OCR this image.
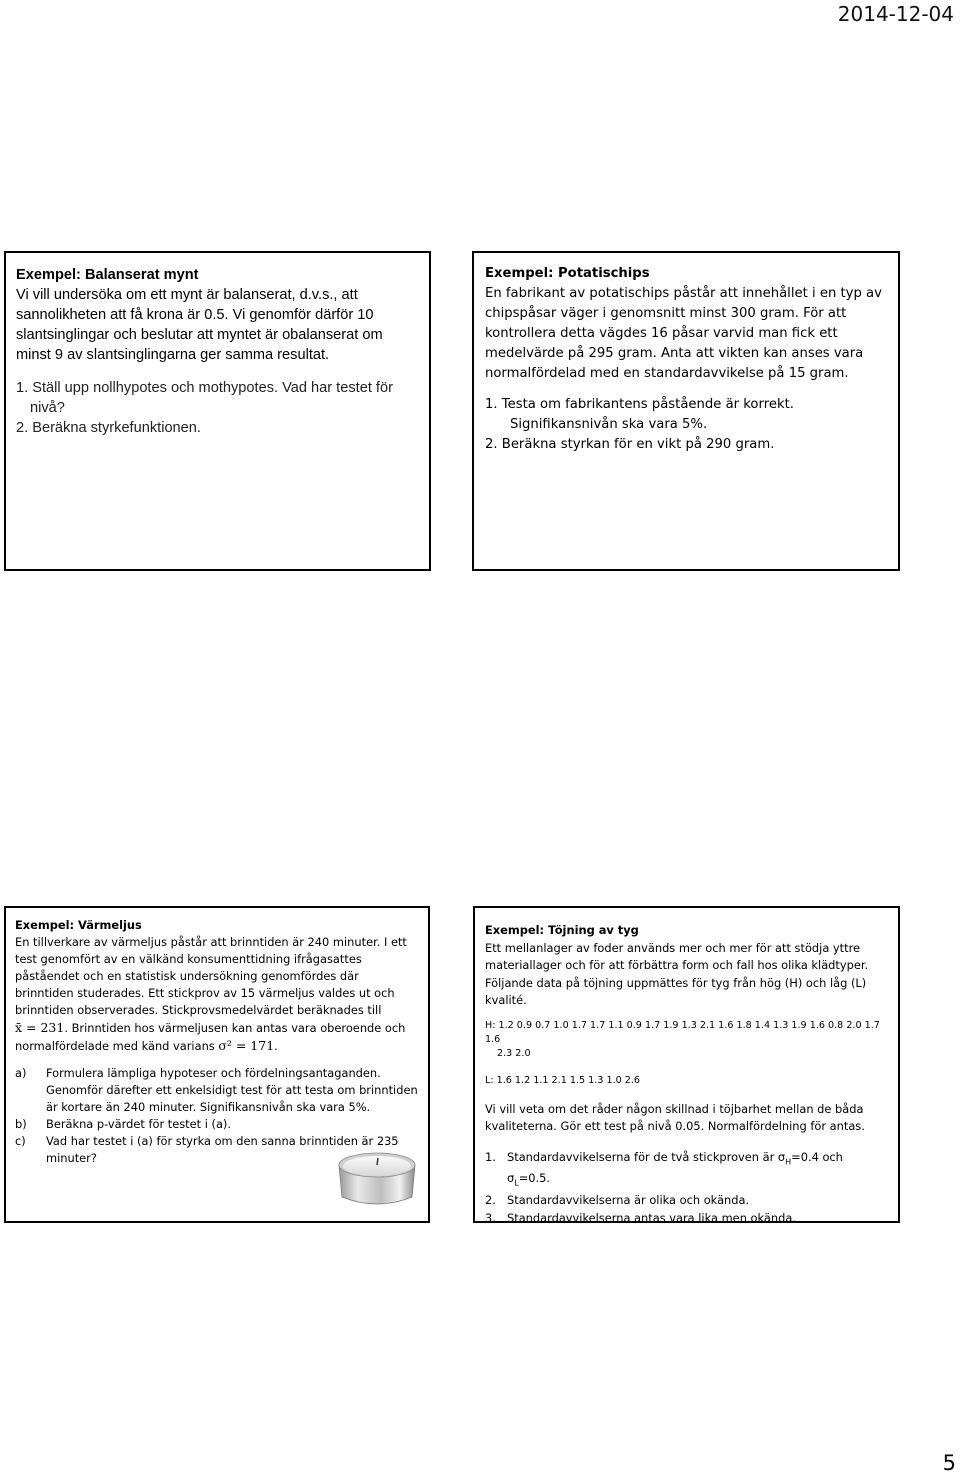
2014-12-04
Exempel: Balanserat mynt
Vi vill undersöka om ett mynt är balanserat, d.v.s., att
sannolikheten att få krona är 0.5. Vi genomför därför 10
slantsinglingar och beslutar att myntet är obalanserat om
minst 9 av slantsinglingarna ger samma resultat.
1. Ställ upp nollhypotes och mothypotes. Vad har testet för
nivå?
2. Beräkna styrkefunktionen.
Exempel: Potatischips
En fabrikant av potatischips påstår att innehållet i en typ av
chipspåsar väger i genomsnitt minst 300 gram. För att
kontrollera detta vägdes 16 påsar varvid man fick ett
medelvärde på 295 gram. Anta att vikten kan anses vara
normalfördelad med en standardavvikelse på 15 gram.
1. Testa om fabrikantens påstående är korrekt.
Signifikansnivån ska vara 5%.
2. Beräkna styrkan för en vikt på 290 gram.
Exempel: Värmeljus
En tillverkare av värmeljus påstår att brinntiden är 240 minuter. I ett
test genomfört av en välkänd konsumenttidning ifrågasattes
påståendet och en statistisk undersökning genomfördes där
brinntiden studerades. Ett stickprov av 15 värmeljus valdes ut och
brinntiden observerades. Stickprovsmedelvärdet beräknades till
x̄ = 231. Brinntiden hos värmeljusen kan antas vara oberoende och
normalfördelade med känd varians σ² = 171.
a)	Formulera lämpliga hypoteser och fördelningsantaganden.
Genomför därefter ett enkelsidigt test för att testa om brinntiden
är kortare än 240 minuter. Signifikansnivån ska vara 5%.
b)	Beräkna p-värdet för testet i (a).
c)	Vad har testet i (a) för styrka om den sanna brinntiden är 235
minuter?
Exempel: Töjning av tyg
Ett mellanlager av foder används mer och mer för att stödja yttre
materiallager och för att förbättra form och fall hos olika klädtyper.
Följande data på töjning uppmättes för tyg från hög (H) och låg (L)
kvalité.
H: 1.2 0.9 0.7 1.0 1.7 1.7 1.1 0.9 1.7 1.9 1.3 2.1 1.6 1.8 1.4 1.3 1.9 1.6 0.8 2.0 1.7 1.6
2.3 2.0
L: 1.6 1.2 1.1 2.1 1.5 1.3 1.0 2.6
Vi vill veta om det råder någon skillnad i töjbarhet mellan de båda
kvaliteterna. Gör ett test på nivå 0.05. Normalfördelning för antas.
1. Standardavvikelserna för de två stickproven är $\sigma_H=0.4$ och $\sigma_L=0.5$.
2. Standardavvikelserna är olika och okända.
3. Standardavvikelserna antas vara lika men okända.
5
